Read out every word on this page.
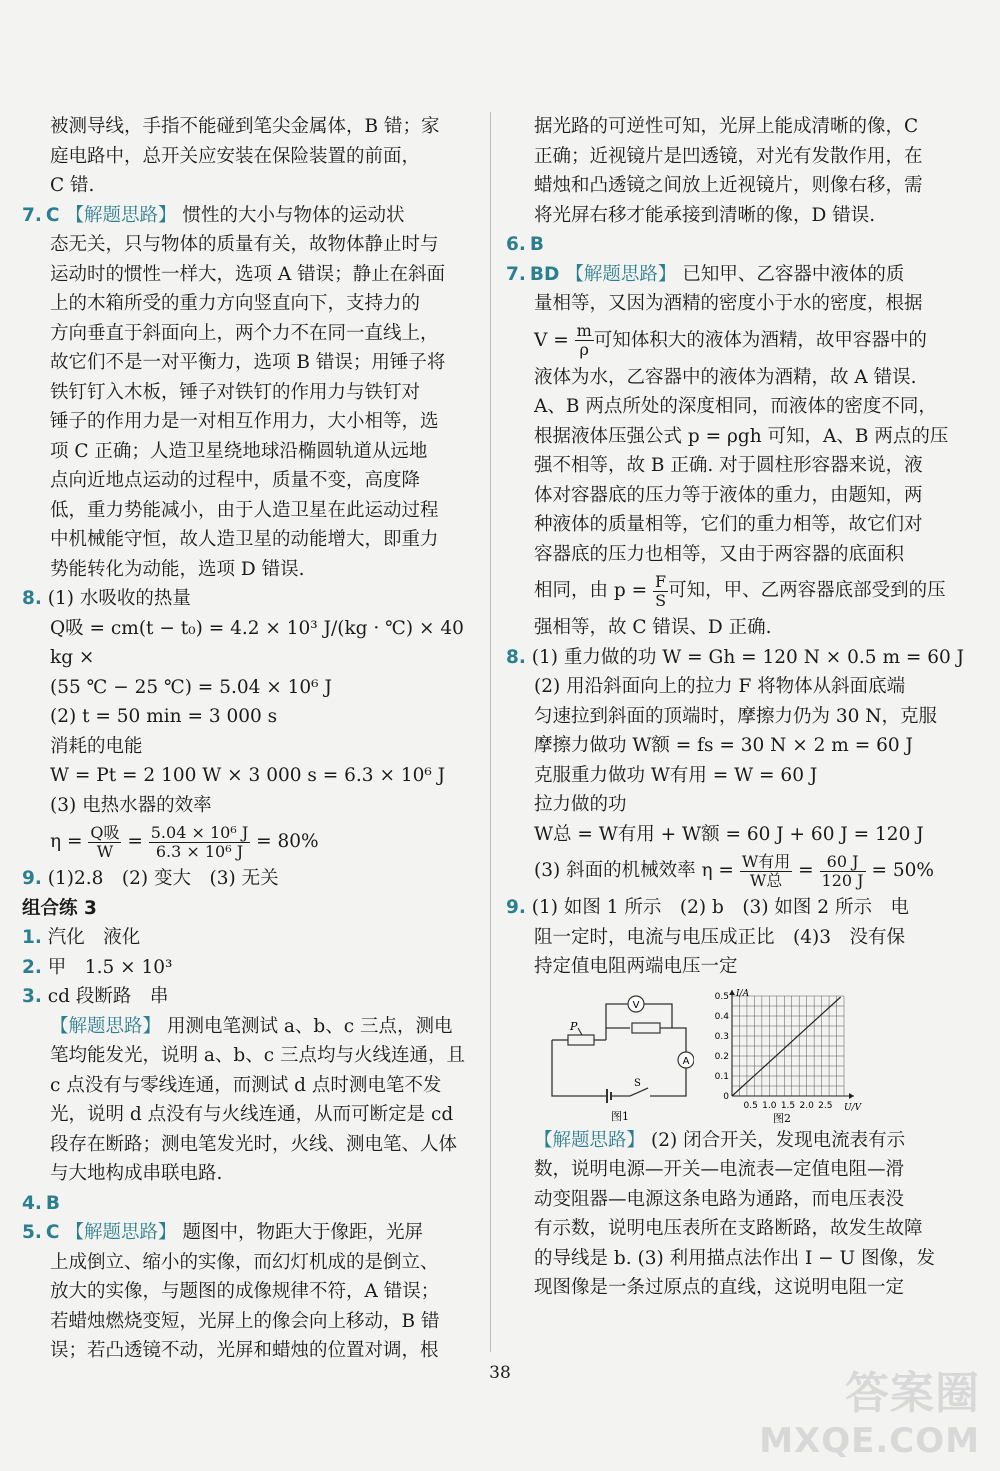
被测导线，手指不能碰到笔尖金属体，B 错；家

庭电路中，总开关应安装在保险装置的前面，

C 错.

7. C 【解题思路】 惯性的大小与物体的运动状

态无关，只与物体的质量有关，故物体静止时与

运动时的惯性一样大，选项 A 错误；静止在斜面

上的木箱所受的重力方向竖直向下，支持力的

方向垂直于斜面向上，两个力不在同一直线上，

故它们不是一对平衡力，选项 B 错误；用锤子将

铁钉钉入木板，锤子对铁钉的作用力与铁钉对

锤子的作用力是一对相互作用力，大小相等，选

项 C 正确；人造卫星绕地球沿椭圆轨道从远地

点向近地点运动的过程中，质量不变，高度降

低，重力势能减小，由于人造卫星在此运动过程

中机械能守恒，故人造卫星的动能增大，即重力

势能转化为动能，选项 D 错误.

8. (1) 水吸收的热量

Q吸 = cm(t − t₀) = 4.2 × 10³ J/(kg · ℃) × 40 kg ×

(55 ℃ − 25 ℃) = 5.04 × 10⁶ J

(2) t = 50 min = 3 000 s

消耗的电能

W = Pt = 2 100 W × 3 000 s = 6.3 × 10⁶ J

(3) 电热水器的效率

$\eta = \frac{\text{Q吸}}{W} = \frac{\text{5.04 × 10⁶ J}}{\text{6.3 × 10⁶ J}} = 80\%$

9. (1)2.8　(2) 变大　(3) 无关

组合练 3

1. 汽化　液化

2. 甲　1.5 × 10³

3. cd 段断路　串

【解题思路】 用测电笔测试 a、b、c 三点，测电

笔均能发光，说明 a、b、c 三点均与火线连通，且

c 点没有与零线连通，而测试 d 点时测电笔不发

光，说明 d 点没有与火线连通，从而可断定是 cd

段存在断路；测电笔发光时，火线、测电笔、人体

与大地构成串联电路.

4. B

5. C 【解题思路】 题图中，物距大于像距，光屏

上成倒立、缩小的实像，而幻灯机成的是倒立、

放大的实像，与题图的成像规律不符，A 错误；

若蜡烛燃烧变短，光屏上的像会向上移动，B 错

误；若凸透镜不动，光屏和蜡烛的位置对调，根

据光路的可逆性可知，光屏上能成清晰的像，C

正确；近视镜片是凹透镜，对光有发散作用，在

蜡烛和凸透镜之间放上近视镜片，则像右移，需

将光屏右移才能承接到清晰的像，D 错误.

6. B

7. BD 【解题思路】 已知甲、乙容器中液体的质

量相等，又因为酒精的密度小于水的密度，根据

$V = \frac{m}{\rho}$ 可知体积大的液体为酒精，故甲容器中的

液体为水，乙容器中的液体为酒精，故 A 错误.

A、B 两点所处的深度相同，而液体的密度不同，

根据液体压强公式 p = ρgh 可知，A、B 两点的压

强不相等，故 B 正确. 对于圆柱形容器来说，液

体对容器底的压力等于液体的重力，由题知，两

种液体的质量相等，它们的重力相等，故它们对

容器底的压力也相等，又由于两容器的底面积

相同，由 $p = \frac{F}{S}$ 可知，甲、乙两容器底部受到的压

强相等，故 C 错误、D 正确.

8. (1) 重力做的功 W = Gh = 120 N × 0.5 m = 60 J

(2) 用沿斜面向上的拉力 F 将物体从斜面底端

匀速拉到斜面的顶端时，摩擦力仍为 30 N，克服

摩擦力做功 W额 = fs = 30 N × 2 m = 60 J

克服重力做功 W有用 = W = 60 J

拉力做的功

W总 = W有用 + W额 = 60 J + 60 J = 120 J

(3) 斜面的机械效率 $\eta = \frac{\text{W有用}}{\text{W总}} = \frac{60 J}{120 J} = 50\%$

9. (1) 如图 1 所示　(2) b　(3) 如图 2 所示　电

阻一定时，电流与电压成正比　(4)3　没有保

持定值电阻两端电压一定

V
A
P
S
图1
I/A
U/V
0.5
0.4
0.3
0.2
0.1
0
0.5 1.0 1.5 2.0 2.5
图2

【解题思路】 (2) 闭合开关，发现电流表有示

数，说明电源—开关—电流表—定值电阻—滑

动变阻器—电源这条电路为通路，而电压表没

有示数，说明电压表所在支路断路，故发生故障

的导线是 b. (3) 利用描点法作出 I − U 图像，发

现图像是一条过原点的直线，这说明电阻一定

38	答案圈
MXQE.COM
